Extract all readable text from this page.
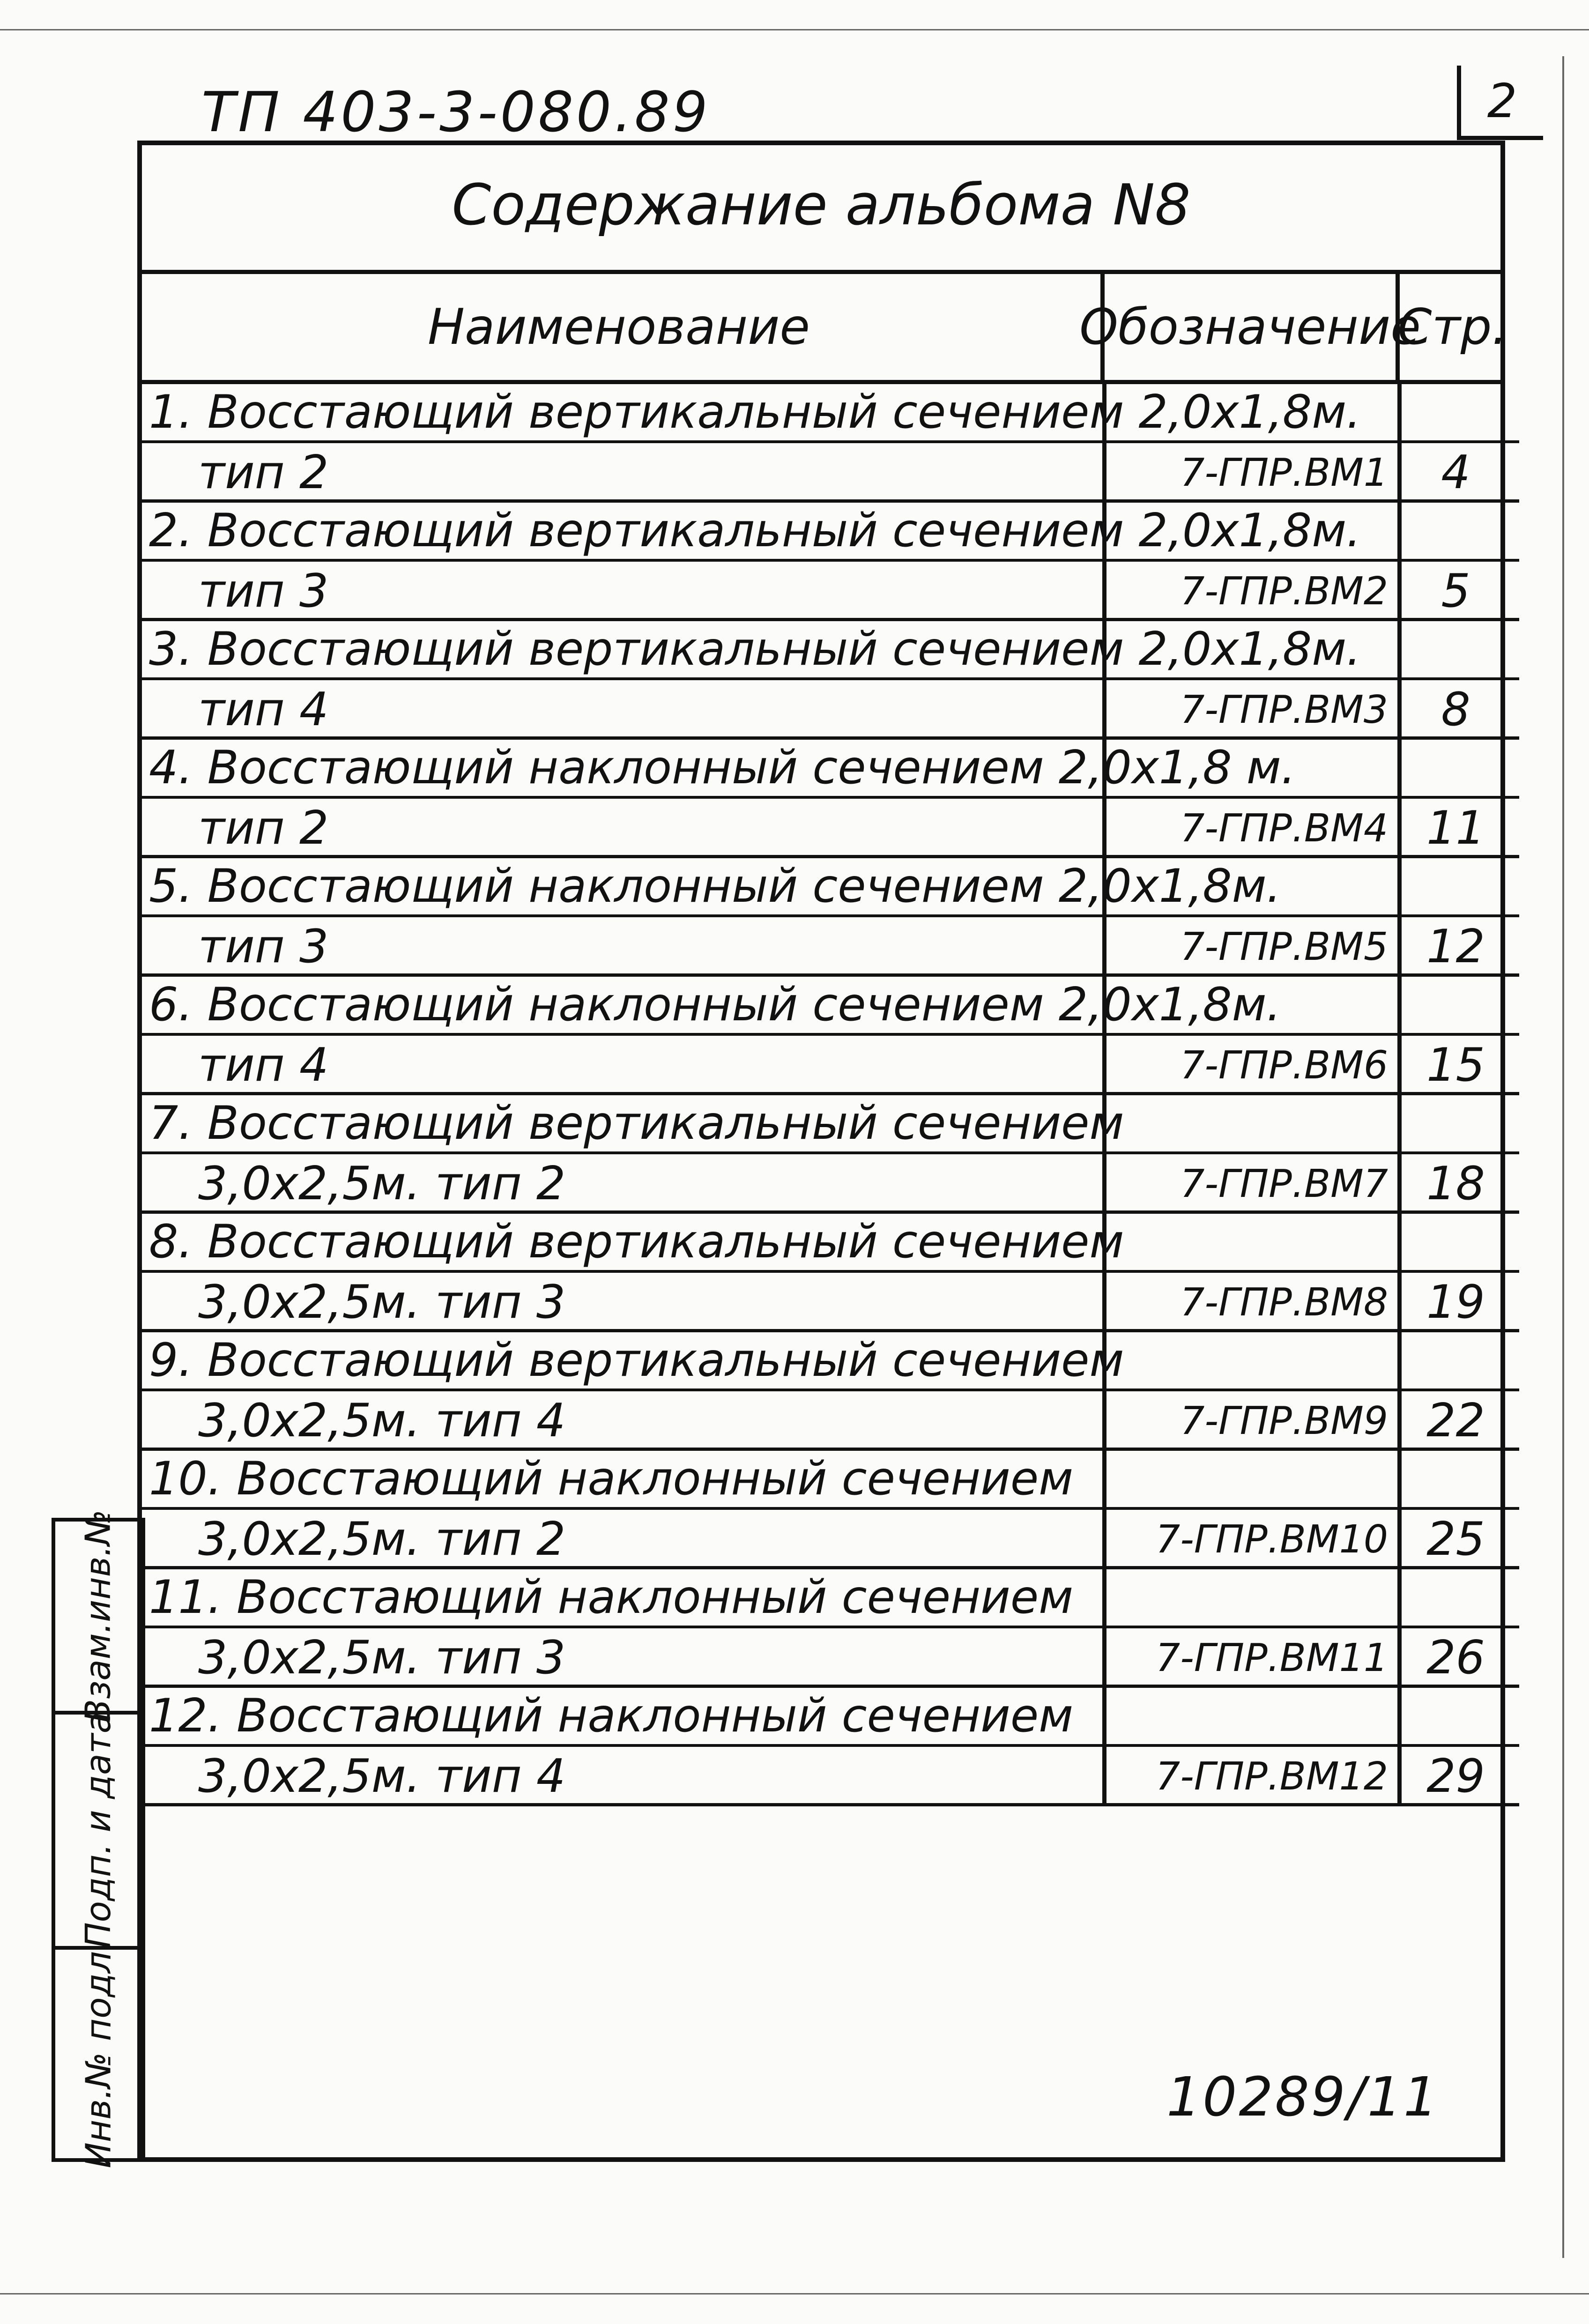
ТП 403-3-080.89	2
Содержание альбома N8
Наименование	Обозначение
Стр.
1. Восстающий вертикальный сечением 2,0х1,8м.
тип 2	7-ГПР.ВМ1	4
2. Восстающий вертикальный сечением 2,0х1,8м.
тип 3	7-ГПР.ВМ2	5
3. Восстающий вертикальный сечением 2,0х1,8м.
тип 4	7-ГПР.ВМ3	8
4. Восстающий наклонный сечением 2,0х1,8 м.
тип 2	7-ГПР.ВМ4 11
5. Восстающий наклонный сечением 2,0х1,8м.
тип 3	7-ГПР.ВМ5 12
6. Восстающий наклонный сечением 2,0х1,8м.
тип 4	7-ГПР.ВМ6 15
7. Восстающий вертикальный сечением
3,0х2,5м. тип 2	7-ГПР.ВМ7 18
8. Восстающий вертикальный сечением
3,0х2,5м. тип 3	7-ГПР.ВМ8 19
9. Восстающий вертикальный сечением
3,0х2,5м. тип 4	7-ГПР.ВМ9 22
10. Восстающий наклонный сечением
3,0х2,5м. тип 2	7-ГПР.ВМ10 25
11. Восстающий наклонный сечением
3,0х2,5м. тип 3	7-ГПР.ВМ11 26
12. Восстающий наклонный сечением
3,0х2,5м. тип 4	7-ГПР.ВМ12 29
Взам.инв.№
Подп. и дата
Инв.№ подл.	10289/11
